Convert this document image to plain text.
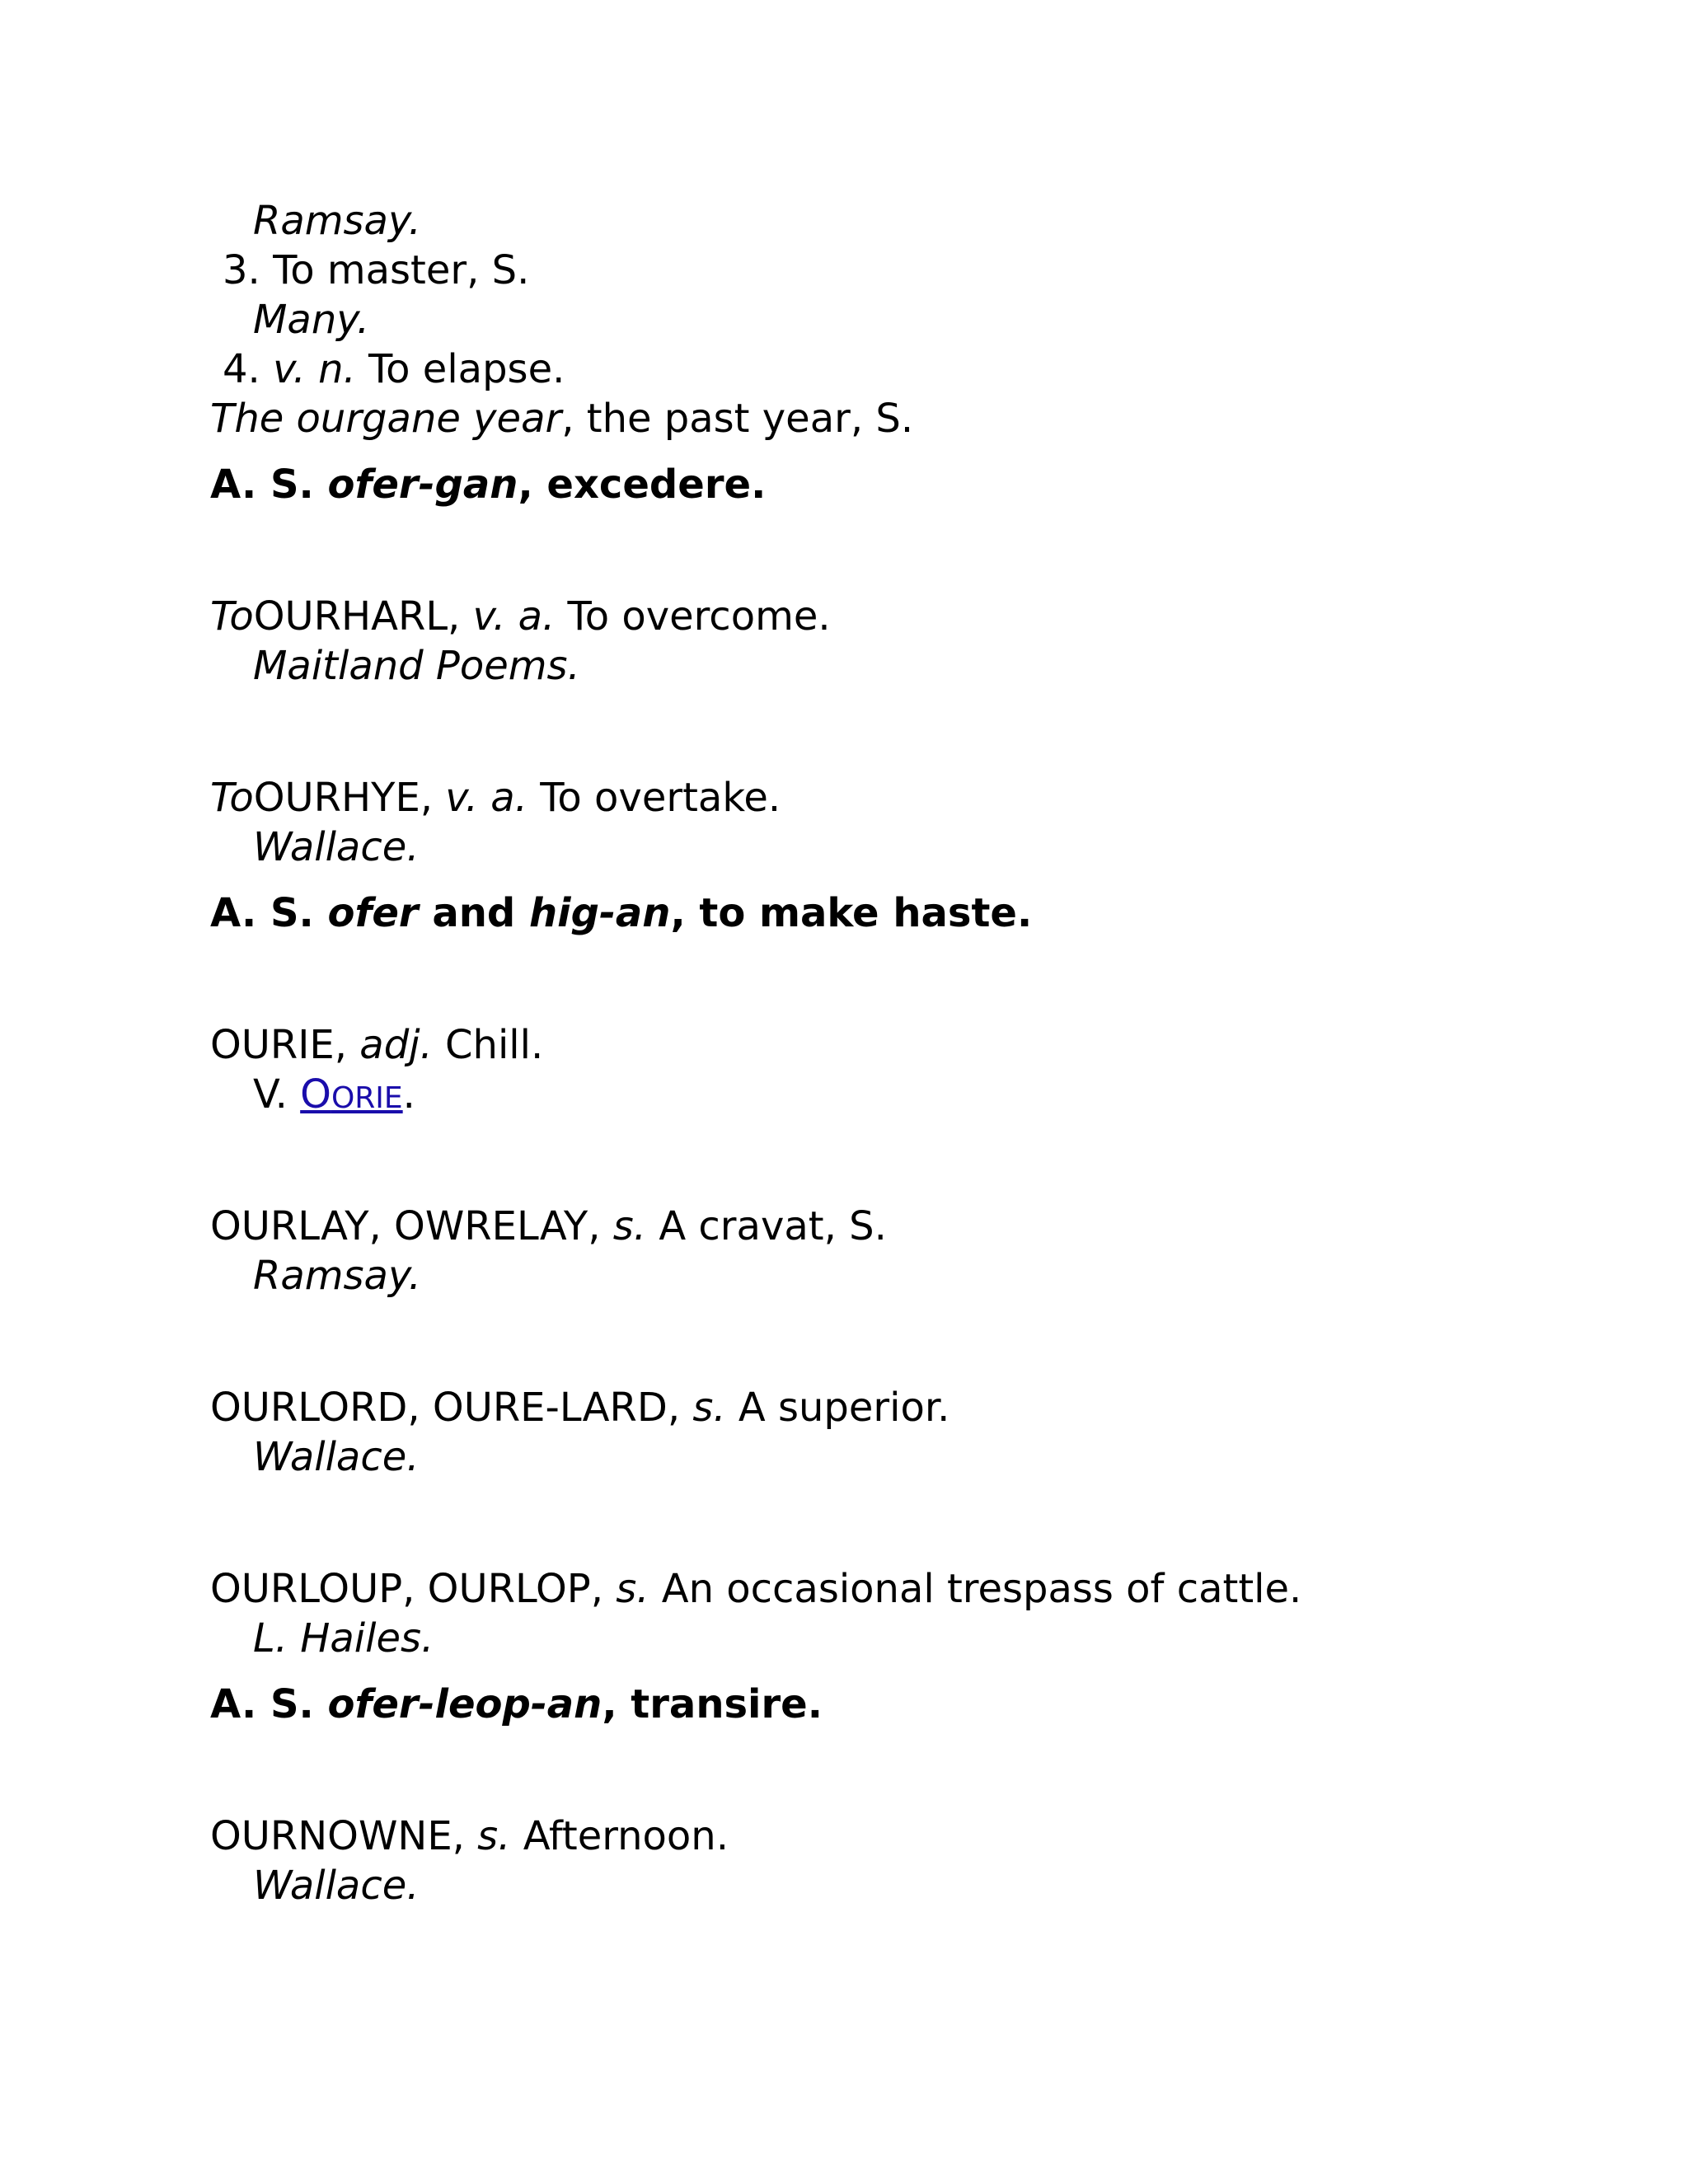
Ramsay.
3. To master, S.
Many.
4. v. n. To elapse.
The ourgane year, the past year, S.
A. S. ofer-gan, excedere.
ToOURHARL, v. a. To overcome.
Maitland Poems.
ToOURHYE, v. a. To overtake.
Wallace.
A. S. ofer and hig-an, to make haste.
OURIE, adj. Chill.
V. OORIE.
OURLAY, OWRELAY, s. A cravat, S.
Ramsay.
OURLORD, OURE-LARD, s. A superior.
Wallace.
OURLOUP, OURLOP, s. An occasional trespass of cattle.
L. Hailes.
A. S. ofer-leop-an, transire.
OURNOWNE, s. Afternoon.
Wallace.
